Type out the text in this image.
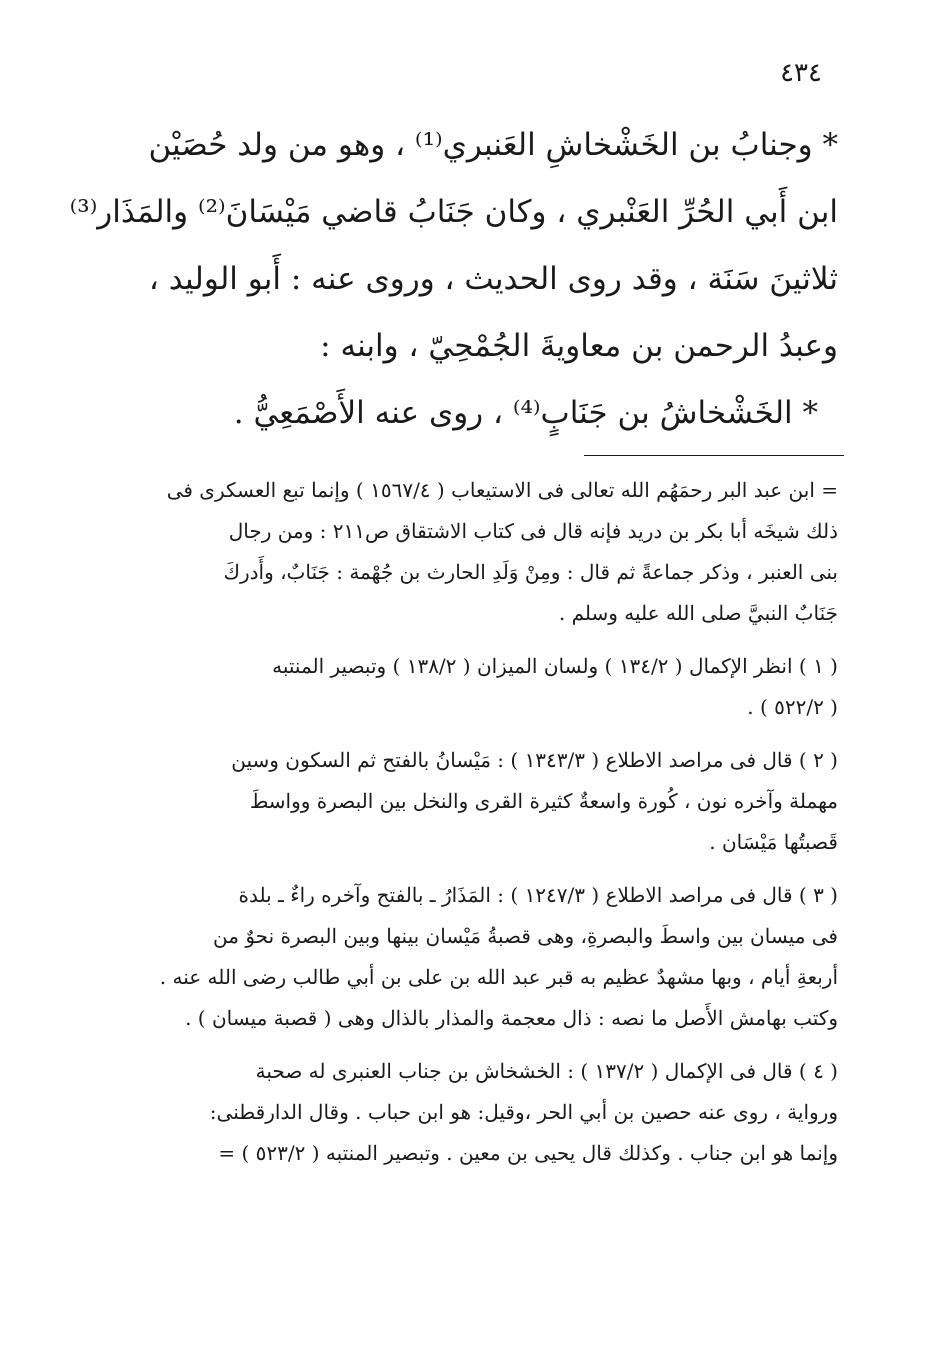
٤٣٤
* وجنابُ بن الخَشْخاشِ العَنبري⁽¹⁾ ، وهو من ولد حُصَيْن
ابن أَبي الحُرِّ العَنْبري ، وكان جَنَابُ قاضي مَيْسَانَ⁽²⁾ والمَذَار⁽³⁾
ثلاثينَ سَنَة ، وقد روى الحديث ، وروى عنه : أَبو الوليد ،
وعبدُ الرحمن بن معاويةَ الجُمْحِيّ ، وابنه :
* الخَشْخاشُ بن جَنَابٍ⁽⁴⁾ ، روى عنه الأَصْمَعِيُّ .
= ابن عبد البر رحمَهُم الله تعالى فى الاستيعاب ( ١٥٦٧/٤ ) وإنما تبع العسكرى فى
ذلك شيخَه أبا بكر بن دريد فإنه قال فى كتاب الاشتقاق ص٢١١ : ومن رجال
بنى العنبر ، وذكر جماعةً ثم قال : ومِنْ وَلَدِ الحارث بن جُهْمة : جَنَابٌ، وأَدركَ
جَنَابٌ النبيَّ صلى الله عليه وسلم .
( ١ ) انظر الإكمال ( ١٣٤/٢ ) ولسان الميزان ( ١٣٨/٢ ) وتبصير المنتبه
( ٥٢٢/٢ ) .
( ٢ ) قال فى مراصد الاطلاع ( ١٣٤٣/٣ ) : مَيْسانُ بالفتح ثم السكون وسين
مهملة وآخره نون ، كُورة واسعةٌ كثيرة القرى والنخل بين البصرة وواسطَ
قَصبتُها مَيْسَان .
( ٣ ) قال فى مراصد الاطلاع ( ١٢٤٧/٣ ) : المَذَارُ ـ بالفتح وآخره راءٌ ـ بلدة
فى ميسان بين واسطَ والبصرةِ، وهى قصبةُ مَيْسان بينها وبين البصرة نحوٌ من
أربعةِ أيام ، وبها مشهدٌ عظيم به قبر عبد الله بن على بن أبي طالب رضى الله عنه .
وكتب بهامش الأَصل ما نصه : ذال معجمة والمذار بالذال وهى ( قصبة ميسان ) .
( ٤ ) قال فى الإكمال ( ١٣٧/٢ ) : الخشخاش بن جناب العنبرى له صحبة
ورواية ، روى عنه حصين بن أبي الحر ،وقيل: هو ابن حباب . وقال الدارقطنى:
وإنما هو ابن جناب . وكذلك قال يحيى بن معين . وتبصير المنتبه ( ٥٢٣/٢ ) =
